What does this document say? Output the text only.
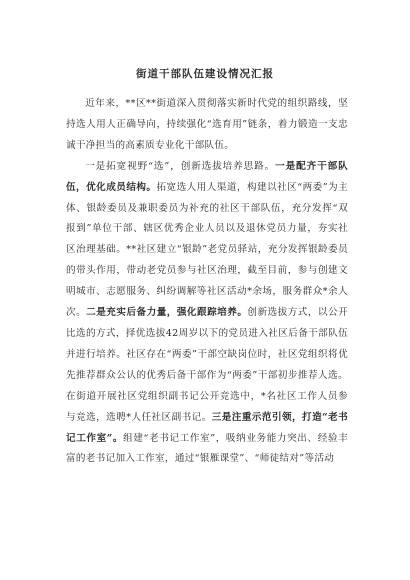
街道干部队伍建设情况汇报

近年来，**区**街道深入贯彻落实新时代党的组织路线，坚持选人用人正确导向，持续强化“选育用”链条，着力锻造一支忠诚干净担当的高素质专业化干部队伍。

一是拓宽视野“选”，创新选拔培养思路。一是配齐干部队伍，优化成员结构。拓宽选人用人渠道，构建以社区“两委”为主体、银龄委员及兼职委员为补充的社区干部队伍，充分发挥“双报到”单位干部、辖区优秀企业人员以及退休党员力量，夯实社区治理基础。**社区建立“银龄”老党员驿站，充分发挥银龄委员的带头作用，带动老党员参与社区治理，截至目前，参与创建文明城市、志愿服务、纠纷调解等社区活动*余场，服务群众*余人次。二是充实后备力量，强化跟踪培养。创新选拔方式，以公开比选的方式，择优选拔42周岁以下的党员进入社区后备干部队伍并进行培养。社区存在“两委”干部空缺岗位时，社区党组织将优先推荐群众公认的优秀后备干部作为“两委”干部初步推荐人选。在街道开展社区党组织副书记公开竞选中，*名社区工作人员参与竞选，选聘*人任社区副书记。三是注重示范引领，打造“老书记工作室”。组建“老书记工作室”，吸纳业务能力突出、经验丰富的老书记加入工作室，通过“银雁课堂”、“师徒结对”等活动
